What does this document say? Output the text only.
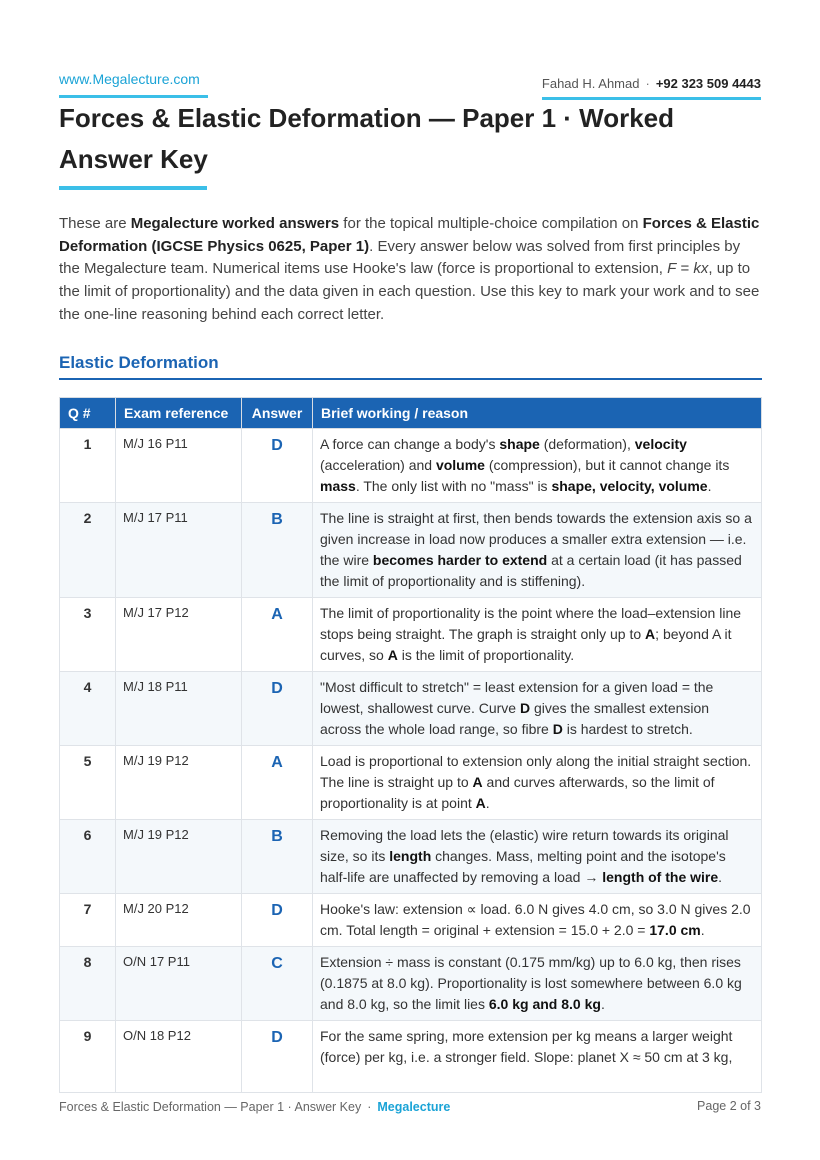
www.Megalecture.com	Fahad H. Ahmad · +92 323 509 4443
Forces & Elastic Deformation — Paper 1 · Worked Answer Key

These are Megalecture worked answers for the topical multiple-choice compilation on Forces & Elastic Deformation (IGCSE Physics 0625, Paper 1). Every answer below was solved from first principles by the Megalecture team. Numerical items use Hooke's law (force is proportional to extension, F = kx, up to the limit of proportionality) and the data given in each question. Use this key to mark your work and to see the one-line reasoning behind each correct letter.

Elastic Deformation
Q #	Exam reference	Answer	Brief working / reason
1	M/J 16 P11	D	A force can change a body's shape (deformation), velocity (acceleration) and volume (compression), but it cannot change its mass. The only list with no "mass" is shape, velocity, volume.
2	M/J 17 P11	B	The line is straight at first, then bends towards the extension axis so a given increase in load now produces a smaller extra extension — i.e. the wire becomes harder to extend at a certain load (it has passed the limit of proportionality and is stiffening).
3	M/J 17 P12	A	The limit of proportionality is the point where the load–extension line stops being straight. The graph is straight only up to A; beyond A it curves, so A is the limit of proportionality.
4	M/J 18 P11	D	"Most difficult to stretch" = least extension for a given load = the lowest, shallowest curve. Curve D gives the smallest extension across the whole load range, so fibre D is hardest to stretch.
5	M/J 19 P12	A	Load is proportional to extension only along the initial straight section. The line is straight up to A and curves afterwards, so the limit of proportionality is at point A.
6	M/J 19 P12	B	Removing the load lets the (elastic) wire return towards its original size, so its length changes. Mass, melting point and the isotope's half-life are unaffected by removing a load → length of the wire.
7	M/J 20 P12	D	Hooke's law: extension ∝ load. 6.0 N gives 4.0 cm, so 3.0 N gives 2.0 cm. Total length = original + extension = 15.0 + 2.0 = 17.0 cm.
8	O/N 17 P11	C	Extension ÷ mass is constant (0.175 mm/kg) up to 6.0 kg, then rises (0.1875 at 8.0 kg). Proportionality is lost somewhere between 6.0 kg and 8.0 kg, so the limit lies 6.0 kg and 8.0 kg.
9	O/N 18 P12	D	For the same spring, more extension per kg means a larger weight (force) per kg, i.e. a stronger field. Slope: planet X ≈ 50 cm at 3 kg,
Forces & Elastic Deformation — Paper 1 · Answer Key · Megalecture	Page 2 of 3
